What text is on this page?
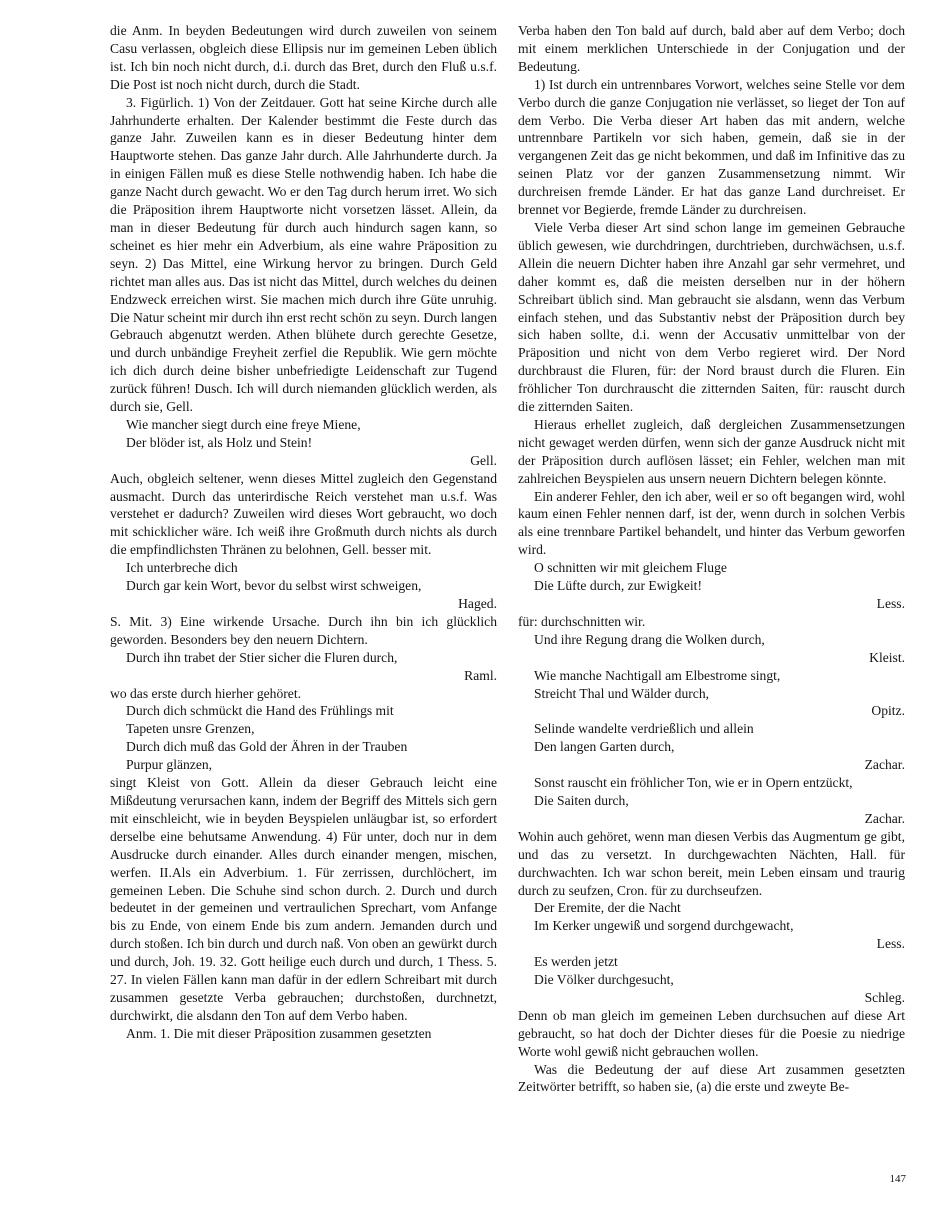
die Anm. In beyden Bedeutungen wird durch zuweilen von seinem Casu verlassen, obgleich diese Ellipsis nur im gemeinen Leben üblich ist. Ich bin noch nicht durch, d.i. durch das Bret, durch den Fluß u.s.f. Die Post ist noch nicht durch, durch die Stadt.
3. Figürlich. 1) Von der Zeitdauer. Gott hat seine Kirche durch alle Jahrhunderte erhalten. Der Kalender bestimmt die Feste durch das ganze Jahr. Zuweilen kann es in dieser Bedeutung hinter dem Hauptworte stehen. Das ganze Jahr durch. Alle Jahrhunderte durch. Ja in einigen Fällen muß es diese Stelle nothwendig haben. Ich habe die ganze Nacht durch gewacht. Wo er den Tag durch herum irret. Wo sich die Präposition ihrem Hauptworte nicht vorsetzen lässet. Allein, da man in dieser Bedeutung für durch auch hindurch sagen kann, so scheinet es hier mehr ein Adverbium, als eine wahre Präposition zu seyn. 2) Das Mittel, eine Wirkung hervor zu bringen. Durch Geld richtet man alles aus. Das ist nicht das Mittel, durch welches du deinen Endzweck erreichen wirst. Sie machen mich durch ihre Güte unruhig. Die Natur scheint mir durch ihn erst recht schön zu seyn. Durch langen Gebrauch abgenutzt werden. Athen blühete durch gerechte Gesetze, und durch unbändige Freyheit zerfiel die Republik. Wie gern möchte ich dich durch deine bisher unbefriedigte Leidenschaft zur Tugend zurück führen! Dusch. Ich will durch niemanden glücklich werden, als durch sie, Gell.
Wie mancher siegt durch eine freye Miene,
Der blöder ist, als Holz und Stein!
Gell.
Auch, obgleich seltener, wenn dieses Mittel zugleich den Gegenstand ausmacht. Durch das unterirdische Reich verstehet man u.s.f. Was verstehet er dadurch? Zuweilen wird dieses Wort gebraucht, wo doch mit schicklicher wäre. Ich weiß ihre Großmuth durch nichts als durch die empfindlichsten Thränen zu belohnen, Gell. besser mit.
Ich unterbreche dich
Durch gar kein Wort, bevor du selbst wirst schweigen,
Haged.
S. Mit. 3) Eine wirkende Ursache. Durch ihn bin ich glücklich geworden. Besonders bey den neuern Dichtern.
Durch ihn trabet der Stier sicher die Fluren durch,
Raml.
wo das erste durch hierher gehöret.
Durch dich schmückt die Hand des Frühlings mit
Tapeten unsre Grenzen,
Durch dich muß das Gold der Ähren in der Trauben
Purpur glänzen,
singt Kleist von Gott. Allein da dieser Gebrauch leicht eine Mißdeutung verursachen kann, indem der Begriff des Mittels sich gern mit einschleicht, wie in beyden Beyspielen unläugbar ist, so erfordert derselbe eine behutsame Anwendung. 4) Für unter, doch nur in dem Ausdrucke durch einander. Alles durch einander mengen, mischen, werfen. II.Als ein Adverbium. 1. Für zerrissen, durchlöchert, im gemeinen Leben. Die Schuhe sind schon durch. 2. Durch und durch bedeutet in der gemeinen und vertraulichen Sprechart, vom Anfange bis zu Ende, von einem Ende bis zum andern. Jemanden durch und durch stoßen. Ich bin durch und durch naß. Von oben an gewürkt durch und durch, Joh. 19. 32. Gott heilige euch durch und durch, 1 Thess. 5. 27. In vielen Fällen kann man dafür in der edlern Schreibart mit durch zusammen gesetzte Verba gebrauchen; durchstoßen, durchnetzt, durchwirkt, die alsdann den Ton auf dem Verbo haben.
Anm. 1. Die mit dieser Präposition zusammen gesetzten
Verba haben den Ton bald auf durch, bald aber auf dem Verbo; doch mit einem merklichen Unterschiede in der Conjugation und der Bedeutung.
1) Ist durch ein untrennbares Vorwort, welches seine Stelle vor dem Verbo durch die ganze Conjugation nie verlässet, so lieget der Ton auf dem Verbo. Die Verba dieser Art haben das mit andern, welche untrennbare Partikeln vor sich haben, gemein, daß sie in der vergangenen Zeit das ge nicht bekommen, und daß im Infinitive das zu seinen Platz vor der ganzen Zusammensetzung nimmt. Wir durchreisen fremde Länder. Er hat das ganze Land durchreiset. Er brennet vor Begierde, fremde Länder zu durchreisen.
Viele Verba dieser Art sind schon lange im gemeinen Gebrauche üblich gewesen, wie durchdringen, durchtrieben, durchwächsen, u.s.f. Allein die neuern Dichter haben ihre Anzahl gar sehr vermehret, und daher kommt es, daß die meisten derselben nur in der höhern Schreibart üblich sind. Man gebraucht sie alsdann, wenn das Verbum einfach stehen, und das Substantiv nebst der Präposition durch bey sich haben sollte, d.i. wenn der Accusativ unmittelbar von der Präposition und nicht von dem Verbo regieret wird. Der Nord durchbraust die Fluren, für: der Nord braust durch die Fluren. Ein fröhlicher Ton durchrauscht die zitternden Saiten, für: rauscht durch die zitternden Saiten.
Hieraus erhellet zugleich, daß dergleichen Zusammensetzungen nicht gewaget werden dürfen, wenn sich der ganze Ausdruck nicht mit der Präposition durch auflösen lässet; ein Fehler, welchen man mit zahlreichen Beyspielen aus unsern neuern Dichtern belegen könnte.
Ein anderer Fehler, den ich aber, weil er so oft begangen wird, wohl kaum einen Fehler nennen darf, ist der, wenn durch in solchen Verbis als eine trennbare Partikel behandelt, und hinter das Verbum geworfen wird.
O schnitten wir mit gleichem Fluge
Die Lüfte durch, zur Ewigkeit!
Less.
für: durchschnitten wir.
Und ihre Regung drang die Wolken durch,
Kleist.
Wie manche Nachtigall am Elbestrome singt,
Streicht Thal und Wälder durch,
Opitz.
Selinde wandelte verdrießlich und allein
Den langen Garten durch,
Zachar.
Sonst rauscht ein fröhlicher Ton, wie er in Opern entzückt,
Die Saiten durch,
Zachar.
Wohin auch gehöret, wenn man diesen Verbis das Augmentum ge gibt, und das zu versetzt. In durchgewachten Nächten, Hall. für durchwachten. Ich war schon bereit, mein Leben einsam und traurig durch zu seufzen, Cron. für zu durchseufzen.
Der Eremite, der die Nacht
Im Kerker ungewiß und sorgend durchgewacht,
Less.
Es werden jetzt
Die Völker durchgesucht,
Schleg.
Denn ob man gleich im gemeinen Leben durchsuchen auf diese Art gebraucht, so hat doch der Dichter dieses für die Poesie zu niedrige Worte wohl gewiß nicht gebrauchen wollen.
Was die Bedeutung der auf diese Art zusammen gesetzten Zeitwörter betrifft, so haben sie, (a) die erste und zweyte Be-
147
